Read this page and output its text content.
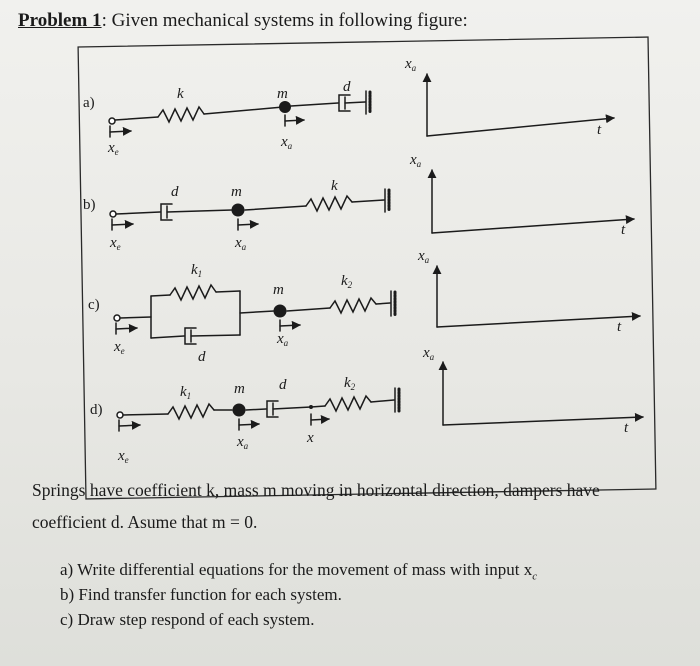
Problem 1: Given mechanical systems in following figure:
a)
k	m	d
$x_e$
$x_a$
b)
d	m	k
$x_e$	$x_a$
c)
$k_1$
m
$k_2$
d
$x_e$
$x_a$
d)
$k_1$	m d	$k_2$
x
$x_e$
$x_a$
$x_a$
t
$x_a$
t
$x_a$
t
$x_a$
t
Springs have coefficient k, mass m moving in horizontal direction, dampers have
coefficient d. Asume that m = 0.
a) Write differential equations for the movement of mass with input $x_c$
b) Find transfer function for each system.
c) Draw step respond of each system.
